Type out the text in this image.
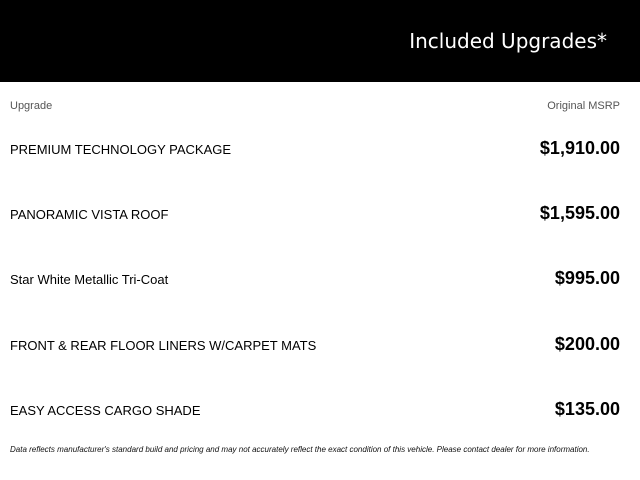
Included Upgrades*
Upgrade	Original MSRP
PREMIUM TECHNOLOGY PACKAGE	$1,910.00
PANORAMIC VISTA ROOF	$1,595.00
Star White Metallic Tri-Coat	$995.00
FRONT & REAR FLOOR LINERS W/CARPET MATS	$200.00
EASY ACCESS CARGO SHADE	$135.00
Data reflects manufacturer's standard build and pricing and may not accurately reflect the exact condition of this vehicle. Please contact dealer for more information.
